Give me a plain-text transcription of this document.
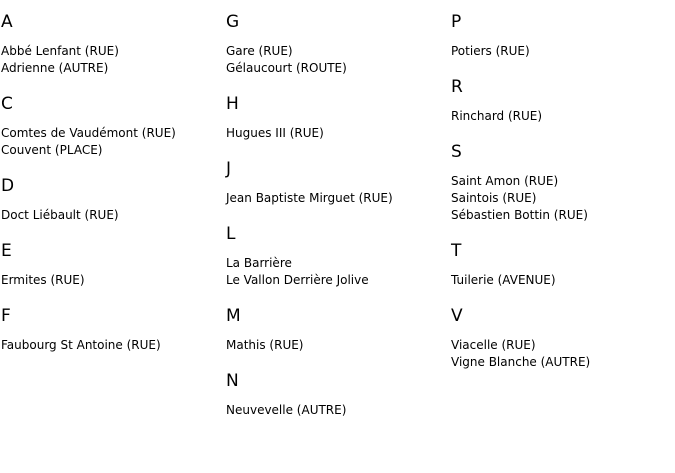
A
Abbé Lenfant (RUE)
Adrienne (AUTRE)
C
Comtes de Vaudémont (RUE)
Couvent (PLACE)
D
Doct Liébault (RUE)
E
Ermites (RUE)
F
Faubourg St Antoine (RUE)
G
Gare (RUE)
Gélaucourt (ROUTE)
H
Hugues III (RUE)
J
Jean Baptiste Mirguet (RUE)
L
La Barrière
Le Vallon Derrière Jolive
M
Mathis (RUE)
N
Neuvevelle (AUTRE)
P
Potiers (RUE)
R
Rinchard (RUE)
S
Saint Amon (RUE)
Saintois (RUE)
Sébastien Bottin (RUE)
T
Tuilerie (AVENUE)
V
Viacelle (RUE)
Vigne Blanche (AUTRE)
